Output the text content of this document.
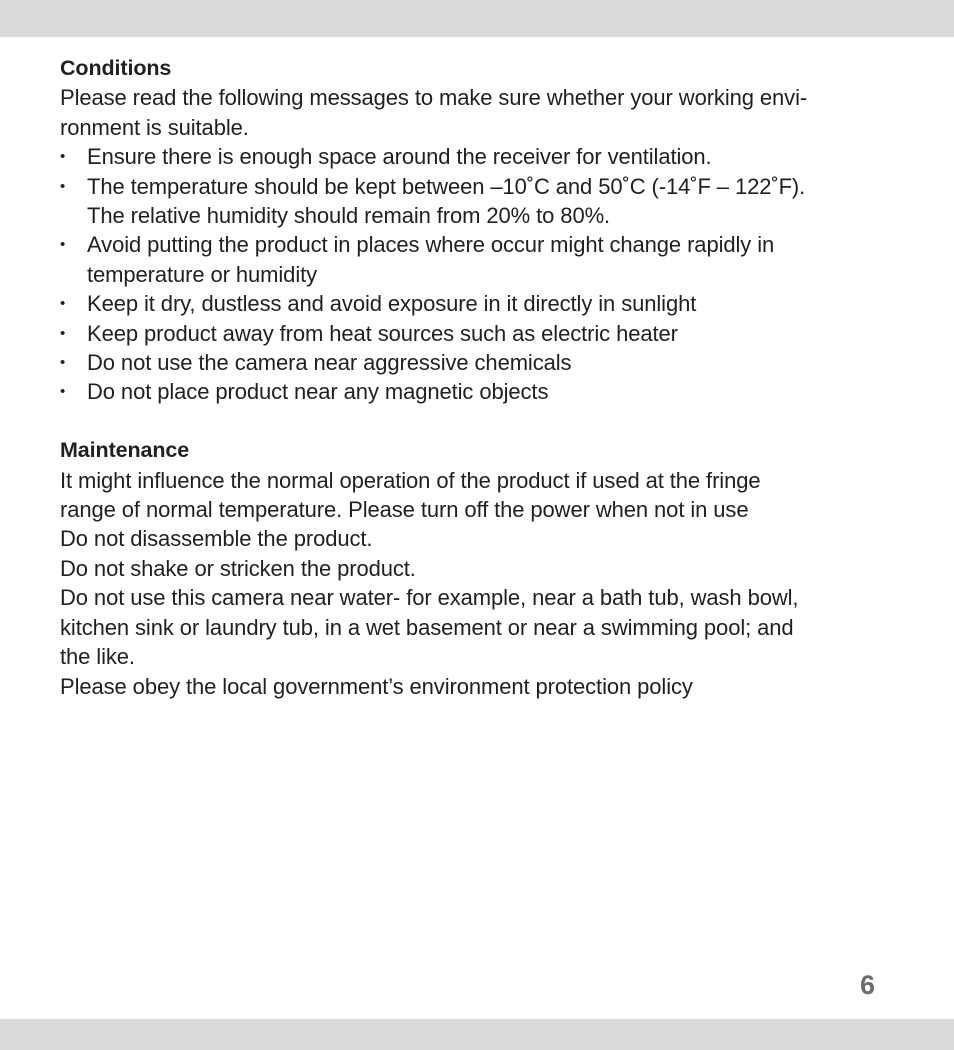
Conditions
Please read the following messages to make sure whether your working envi-
ronment is suitable.
• Ensure there is enough space around the receiver for ventilation.
• The temperature should be kept between –10˚C and 50˚C (-14˚F – 122˚F).
The relative humidity should remain from 20% to 80%.
• Avoid putting the product in places where occur might change rapidly in
temperature or humidity
• Keep it dry, dustless and avoid exposure in it directly in sunlight
• Keep product away from heat sources such as electric heater
• Do not use the camera near aggressive chemicals
• Do not place product near any magnetic objects
Maintenance
It might influence the normal operation of the product if used at the fringe
range of normal temperature. Please turn off the power when not in use
Do not disassemble the product.
Do not shake or stricken the product.
Do not use this camera near water- for example, near a bath tub, wash bowl,
kitchen sink or laundry tub, in a wet basement or near a swimming pool; and
the like.
Please obey the local government’s environment protection policy
6
